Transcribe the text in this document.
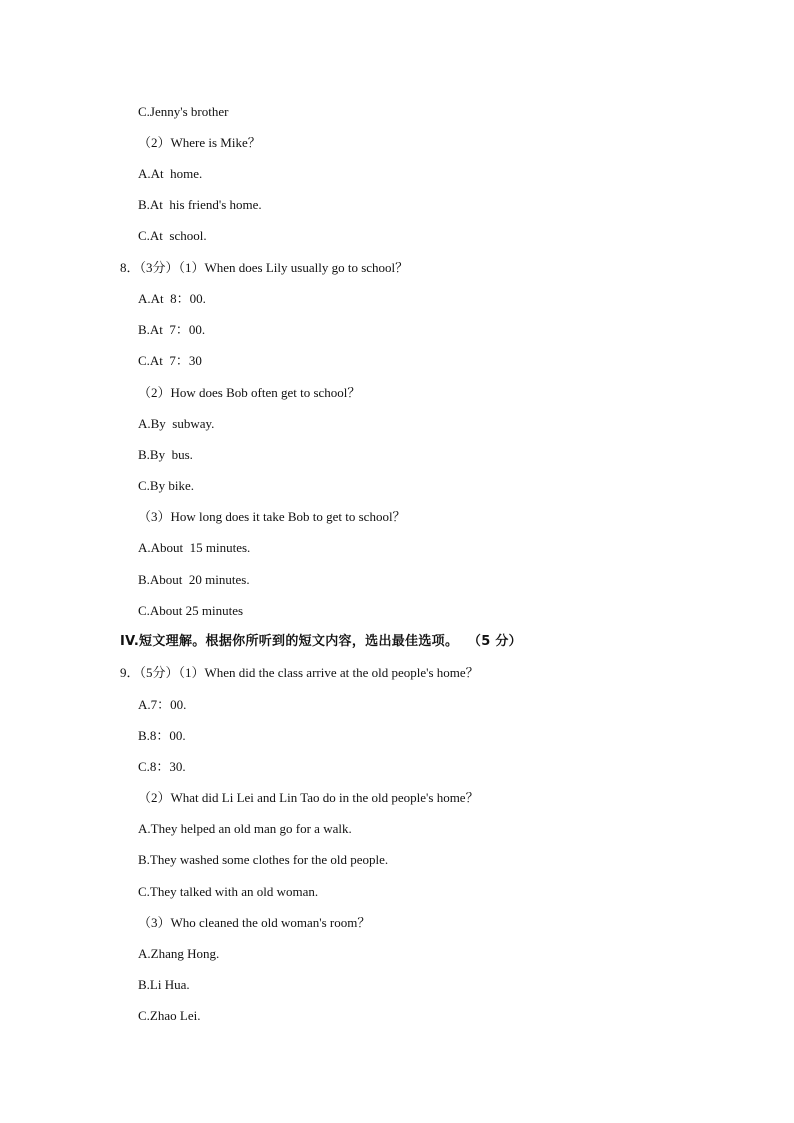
C.Jenny's brother
（2）Where is Mike？
A.At  home.
B.At  his friend's home.
C.At  school.
8．（3分）（1）When does Lily usually go to school？
A.At  8：00.
B.At  7：00.
C.At  7：30
（2）How does Bob often get to school？
A.By  subway.
B.By  bus.
C.By bike.
（3）How long does it take Bob to get to school？
A.About  15 minutes.
B.About  20 minutes.
C.About 25 minutes
IV.短文理解。根据你所听到的短文内容，选出最佳选项。  （5 分）
9．（5分）（1）When did the class arrive at the old people's home？
A.7：00.
B.8：00.
C.8：30.
（2）What did Li Lei and Lin Tao do in the old people's home？
A.They helped an old man go for a walk.
B.They washed some clothes for the old people.
C.They talked with an old woman.
（3）Who cleaned the old woman's room？
A.Zhang Hong.
B.Li Hua.
C.Zhao Lei.
